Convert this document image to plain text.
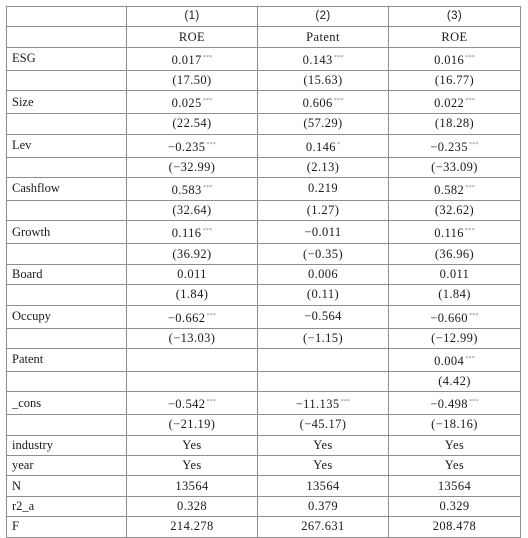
	(1)	(2)	(3)
	ROE	Patent	ROE
ESG	0.017***	0.143***	0.016***
	(17.50)	(15.63)	(16.77)
Size	0.025***	0.606***	0.022***
	(22.54)	(57.29)	(18.28)
Lev	−0.235***	0.146*	−0.235***
	(−32.99)	(2.13)	(−33.09)
Cashflow	0.583***	0.219	0.582***
	(32.64)	(1.27)	(32.62)
Growth	0.116***	−0.011	0.116***
	(36.92)	(−0.35)	(36.96)
Board	0.011	0.006	0.011
	(1.84)	(0.11)	(1.84)
Occupy	−0.662***	−0.564	−0.660***
	(−13.03)	(−1.15)	(−12.99)
Patent			0.004***
			(4.42)
_cons	−0.542***	−11.135***	−0.498***
	(−21.19)	(−45.17)	(−18.16)
industry	Yes	Yes	Yes
year	Yes	Yes	Yes
N	13564	13564	13564
r2_a	0.328	0.379	0.329
F	214.278	267.631	208.478
